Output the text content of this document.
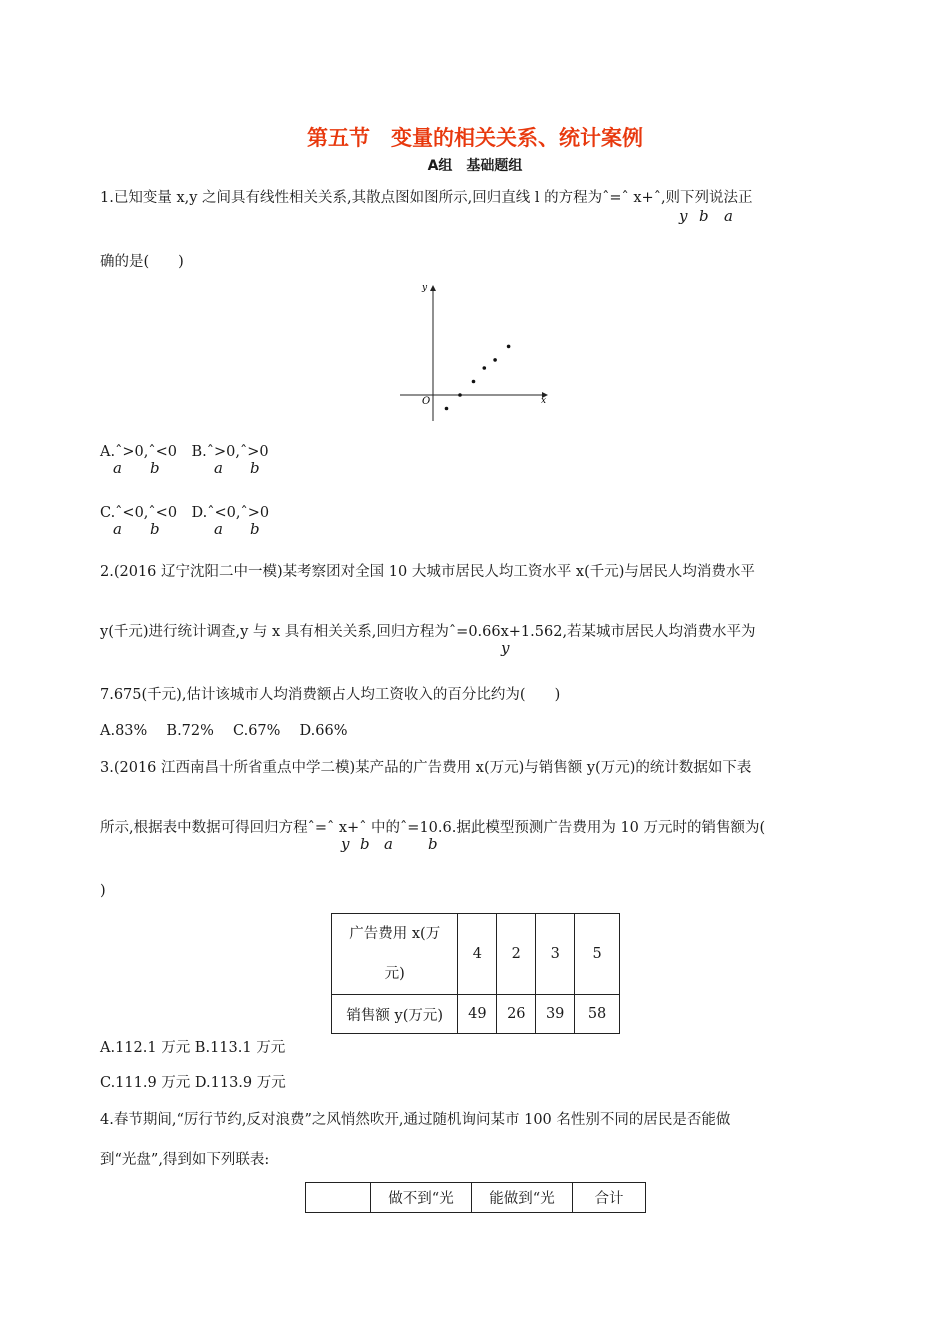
第五节　变量的相关关系、统计案例
A组　基础题组
1.已知变量 x,y 之间具有线性相关关系,其散点图如图所示,回归直线 l 的方程为ˆ=ˆ x+ˆ,则下列说法正
y b a
确的是(　　)
x
y
O
A.ˆ>0,ˆ<0　B.ˆ>0,ˆ>0
a b	a b
C.ˆ<0,ˆ<0　D.ˆ<0,ˆ>0
a b	a b
2.(2016 辽宁沈阳二中一模)某考察团对全国 10 大城市居民人均工资水平 x(千元)与居民人均消费水平
y(千元)进行统计调查,y 与 x 具有相关关系,回归方程为ˆ=0.66x+1.562,若某城市居民人均消费水平为
y
7.675(千元),估计该城市人均消费额占人均工资收入的百分比约为(　　)
A.83%　 B.72%　 C.67%　 D.66%
3.(2016 江西南昌十所省重点中学二模)某产品的广告费用 x(万元)与销售额 y(万元)的统计数据如下表
所示,根据表中数据可得回归方程ˆ=ˆ x+ˆ 中的ˆ=10.6.据此模型预测广告费用为 10 万元时的销售额为(
y b a b
)
广告费用 x(万
元)	4	2	3	5
销售额 y(万元)	49	26	39	58
A.112.1 万元 B.113.1 万元
C.111.9 万元 D.113.9 万元
4.春节期间,“厉行节约,反对浪费”之风悄然吹开,通过随机询问某市 100 名性别不同的居民是否能做
到“光盘”,得到如下列联表:
	做不到“光	能做到“光	合计
